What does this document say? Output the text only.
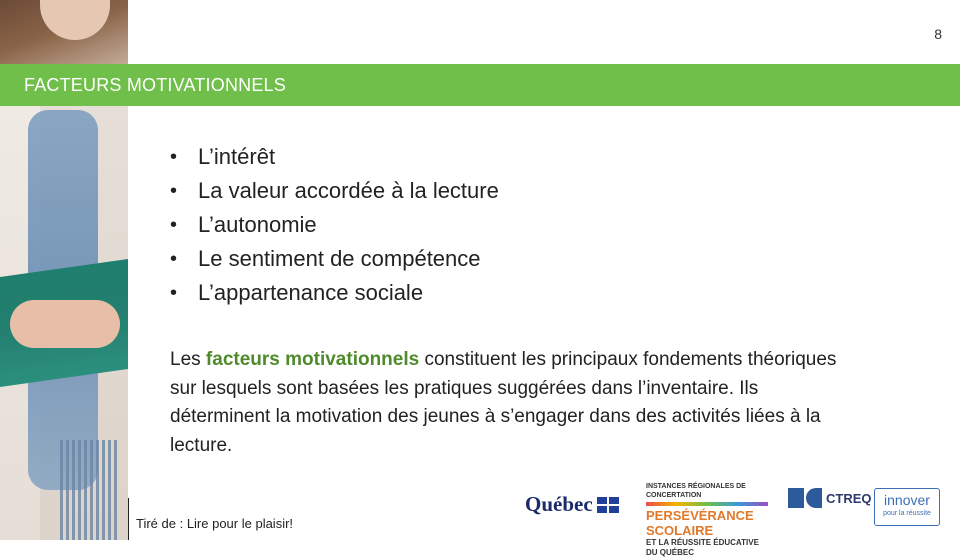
8
FACTEURS MOTIVATIONNELS
• L’intérêt
• La valeur accordée à la lecture
• L’autonomie
• Le sentiment de compétence
• L’appartenance sociale
Les facteurs motivationnels constituent les principaux fondements théoriques sur lesquels sont basées les pratiques suggérées dans l’inventaire. Ils déterminent la motivation des jeunes à s’engager dans des activités liées à la lecture.
Tiré de : Lire pour le plaisir!
Québec
INSTANCES RÉGIONALES DE CONCERTATION
PERSÉVÉRANCE SCOLAIRE
ET LA RÉUSSITE ÉDUCATIVE DU QUÉBEC
CTREQ innover
pour la réussite
